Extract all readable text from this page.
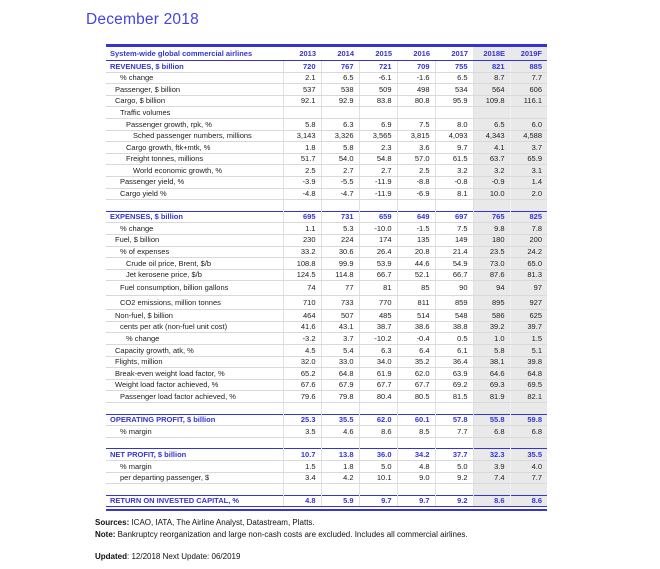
December 2018
System-wide global commercial airlines	2013	2014	2015	2016	2017	2018E	2019F
REVENUES, $ billion	720	767	721	709	755	821	885
% change	2.1	6.5	-6.1	-1.6	6.5	8.7	7.7
Passenger, $ billion	537	538	509	498	534	564	606
Cargo, $ billion	92.1	92.9	83.8	80.8	95.9	109.8	116.1
Traffic volumes							
Passenger growth, rpk, %	5.8	6.3	6.9	7.5	8.0	6.5	6.0
Sched passenger numbers, millions	3,143	3,326	3,565	3,815	4,093	4,343	4,588
Cargo growth, ftk+mtk, %	1.8	5.8	2.3	3.6	9.7	4.1	3.7
Freight tonnes, millions	51.7	54.0	54.8	57.0	61.5	63.7	65.9
World economic growth, %	2.5	2.7	2.7	2.5	3.2	3.2	3.1
Passenger yield, %	-3.9	-5.5	-11.9	-8.8	-0.8	-0.9	1.4
Cargo yield %	-4.8	-4.7	-11.9	-6.9	8.1	10.0	2.0

EXPENSES, $ billion	695	731	659	649	697	765	825
% change	1.1	5.3	-10.0	-1.5	7.5	9.8	7.8
Fuel, $ billion	230	224	174	135	149	180	200
% of expenses	33.2	30.6	26.4	20.8	21.4	23.5	24.2
Crude oil price, Brent, $/b	108.8	99.9	53.9	44.6	54.9	73.0	65.0
Jet kerosene price, $/b	124.5	114.8	66.7	52.1	66.7	87.6	81.3
Fuel consumption, billion gallons	74	77	81	85	90	94	97
CO2 emissions, million tonnes	710	733	770	811	859	895	927
Non-fuel, $ billion	464	507	485	514	548	586	625
cents per atk (non-fuel unit cost)	41.6	43.1	38.7	38.6	38.8	39.2	39.7
% change	-3.2	3.7	-10.2	-0.4	0.5	1.0	1.5
Capacity growth, atk, %	4.5	5.4	6.3	6.4	6.1	5.8	5.1
Flights, million	32.0	33.0	34.0	35.2	36.4	38.1	39.8
Break-even weight load factor, %	65.2	64.8	61.9	62.0	63.9	64.6	64.8
Weight load factor achieved, %	67.6	67.9	67.7	67.7	69.2	69.3	69.5
Passenger load factor achieved, %	79.6	79.8	80.4	80.5	81.5	81.9	82.1

OPERATING PROFIT, $ billion	25.3	35.5	62.0	60.1	57.8	55.8	59.8
% margin	3.5	4.6	8.6	8.5	7.7	6.8	6.8

NET PROFIT, $ billion	10.7	13.8	36.0	34.2	37.7	32.3	35.5
% margin	1.5	1.8	5.0	4.8	5.0	3.9	4.0
per departing passenger, $	3.4	4.2	10.1	9.0	9.2	7.4	7.7

RETURN ON INVESTED CAPITAL, %	4.8	5.9	9.7	9.7	9.2	8.6	8.6

Sources: ICAO, IATA, The Airline Analyst, Datastream, Platts.

Note: Bankruptcy reorganization and large non-cash costs are excluded. Includes all commercial airlines.

Updated: 12/2018 Next Update: 06/2019
